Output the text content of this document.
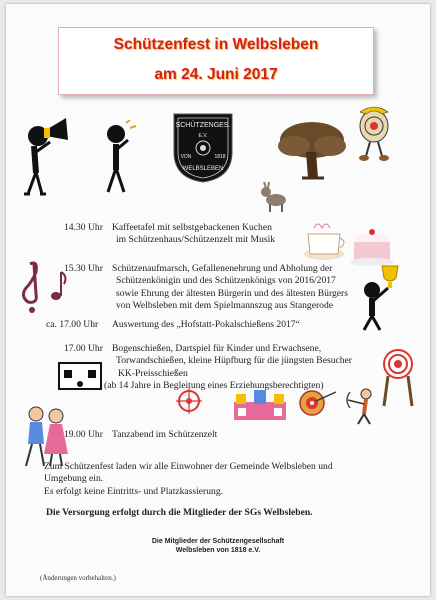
Schützenfest in Welbsleben
am 24. Juni 2017
SCHÜTZENGES.
E.V.
VON	1818
WELBSLEBEN
14.30 Uhr Kaffeetafel mit selbstgebackenen Kuchen
im Schützenhaus/Schützenzelt mit Musik
15.30 Uhr Schützenaufmarsch, Gefallenenehrung und Abholung der
Schützenkönigin und des Schützenkönigs von 2016/2017
sowie Ehrung der ältesten Bürgerin und des ältesten Bürgers
von Welbsleben mit dem Spielmannszug aus Stangerode
ca. 17.00 Uhr Auswertung des „Hofstatt-Pokalschießens 2017“
17.00 Uhr Bogenschießen, Dartspiel für Kinder und Erwachsene,
Torwandschießen, kleine Hüpfburg für die jüngsten Besucher
KK-Preisschießen
(ab 14 Jahre in Begleitung eines Erziehungsberechtigten)
19.00 Uhr Tanzabend im Schützenzelt
Zum Schützenfest laden wir alle Einwohner der Gemeinde Welbsleben und
Umgebung ein.
Es erfolgt keine Eintritts- und Platzkassierung.
Die Versorgung erfolgt durch die Mitglieder der SGs Welbsleben.
Die Mitglieder der Schützengesellschaft
Welbsleben von 1818 e.V.
(Änderungen vorbehalten.)
